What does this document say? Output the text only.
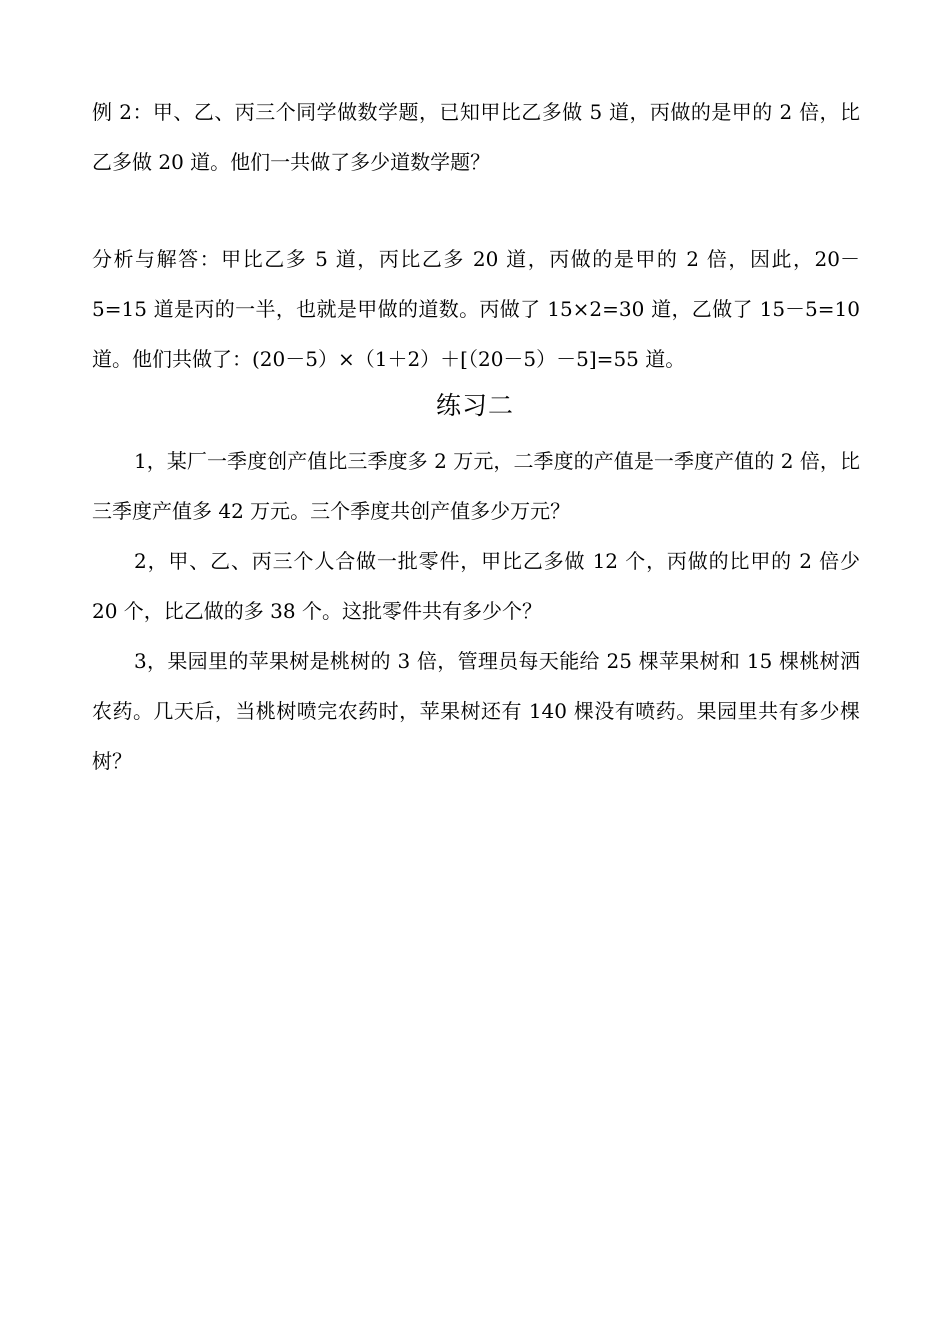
例 2：甲、乙、丙三个同学做数学题，已知甲比乙多做 5 道，丙做的是甲的 2 倍，比乙多做 20 道。他们一共做了多少道数学题？
分析与解答：甲比乙多 5 道，丙比乙多 20 道，丙做的是甲的 2 倍，因此，20－5=15 道是丙的一半，也就是甲做的道数。丙做了 15×2=30 道，乙做了 15－5=10 道。他们共做了：(20－5）×（1＋2）＋[（20－5）－5]=55 道。
练习二
1，某厂一季度创产值比三季度多 2 万元，二季度的产值是一季度产值的 2 倍，比三季度产值多 42 万元。三个季度共创产值多少万元？
2，甲、乙、丙三个人合做一批零件，甲比乙多做 12 个，丙做的比甲的 2 倍少 20 个，比乙做的多 38 个。这批零件共有多少个？
3，果园里的苹果树是桃树的 3 倍，管理员每天能给 25 棵苹果树和 15 棵桃树洒农药。几天后，当桃树喷完农药时，苹果树还有 140 棵没有喷药。果园里共有多少棵树？
